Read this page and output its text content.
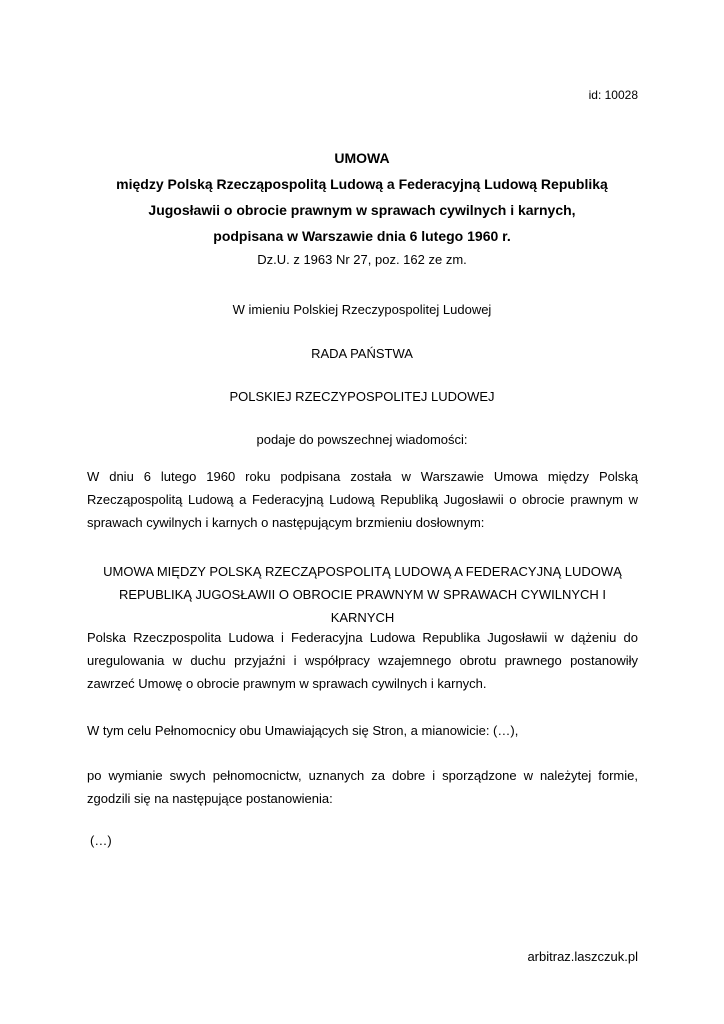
id: 10028
UMOWA
między Polską Rzecząpospolitą Ludową a Federacyjną Ludową Republiką
Jugosławii o obrocie prawnym w sprawach cywilnych i karnych,
podpisana w Warszawie dnia 6 lutego 1960 r.
Dz.U. z 1963 Nr 27, poz. 162 ze zm.
W imieniu Polskiej Rzeczypospolitej Ludowej
RADA PAŃSTWA
POLSKIEJ RZECZYPOSPOLITEJ LUDOWEJ
podaje do powszechnej wiadomości:
W dniu 6 lutego 1960 roku podpisana została w Warszawie Umowa między Polską Rzecząpospolitą Ludową a Federacyjną Ludową Republiką Jugosławii o obrocie prawnym w sprawach cywilnych i karnych o następującym brzmieniu dosłownym:
UMOWA MIĘDZY POLSKĄ RZECZĄPOSPOLITĄ LUDOWĄ A FEDERACYJNĄ LUDOWĄ
REPUBLIKĄ JUGOSŁAWII O OBROCIE PRAWNYM W SPRAWACH CYWILNYCH I KARNYCH
Polska Rzeczpospolita Ludowa i Federacyjna Ludowa Republika Jugosławii w dążeniu do uregulowania w duchu przyjaźni i współpracy wzajemnego obrotu prawnego postanowiły zawrzeć Umowę o obrocie prawnym w sprawach cywilnych i karnych.
W tym celu Pełnomocnicy obu Umawiających się Stron, a mianowicie: (…),
po wymianie swych pełnomocnictw, uznanych za dobre i sporządzone w należytej formie, zgodzili się na następujące postanowienia:
(…)
arbitraz.laszczuk.pl
